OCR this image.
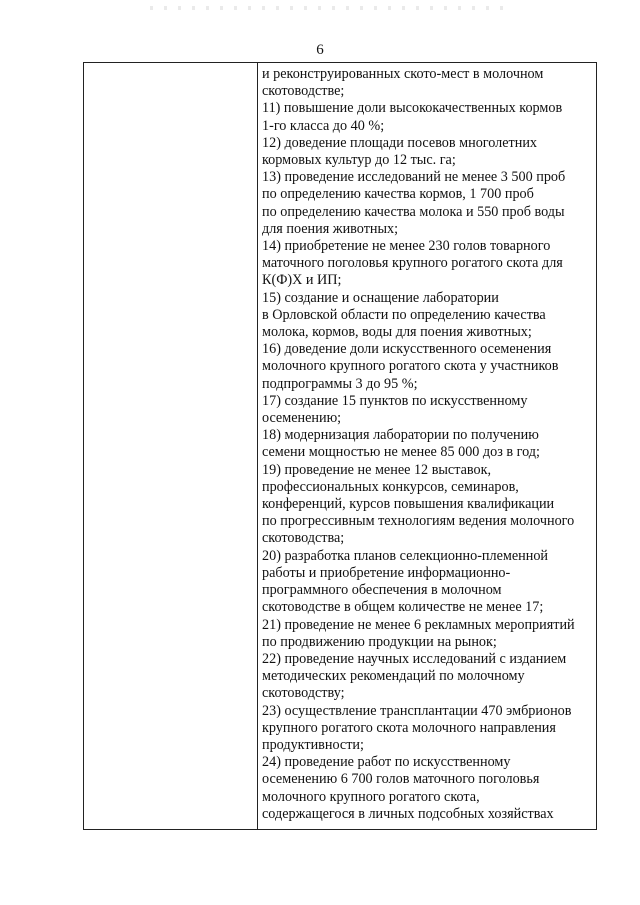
6
и реконструированных ското-мест в молочном
скотоводстве;
11) повышение доли высококачественных кормов
1-го класса до 40 %;
12) доведение площади посевов многолетних
кормовых культур до 12 тыс. га;
13) проведение исследований не менее 3 500 проб
по определению качества кормов, 1 700 проб
по определению качества молока и 550 проб воды
для поения животных;
14) приобретение не менее 230 голов товарного
маточного поголовья крупного рогатого скота для
К(Ф)Х и ИП;
15) создание и оснащение лаборатории
в Орловской области по определению качества
молока, кормов, воды для поения животных;
16) доведение доли искусственного осеменения
молочного крупного рогатого скота у участников
подпрограммы 3 до 95 %;
17) создание 15 пунктов по искусственному
осеменению;
18) модернизация лаборатории по получению
семени мощностью не менее 85 000 доз в год;
19) проведение не менее 12 выставок,
профессиональных конкурсов, семинаров,
конференций, курсов повышения квалификации
по прогрессивным технологиям ведения молочного
скотоводства;
20) разработка планов селекционно-племенной
работы и приобретение информационно-
программного обеспечения в молочном
скотоводстве в общем количестве не менее 17;
21) проведение не менее 6 рекламных мероприятий
по продвижению продукции на рынок;
22) проведение научных исследований с изданием
методических рекомендаций по молочному
скотоводству;
23) осуществление трансплантации 470 эмбрионов
крупного рогатого скота молочного направления
продуктивности;
24) проведение работ по искусственному
осеменению 6 700 голов маточного поголовья
молочного крупного рогатого скота,
содержащегося в личных подсобных хозяйствах
